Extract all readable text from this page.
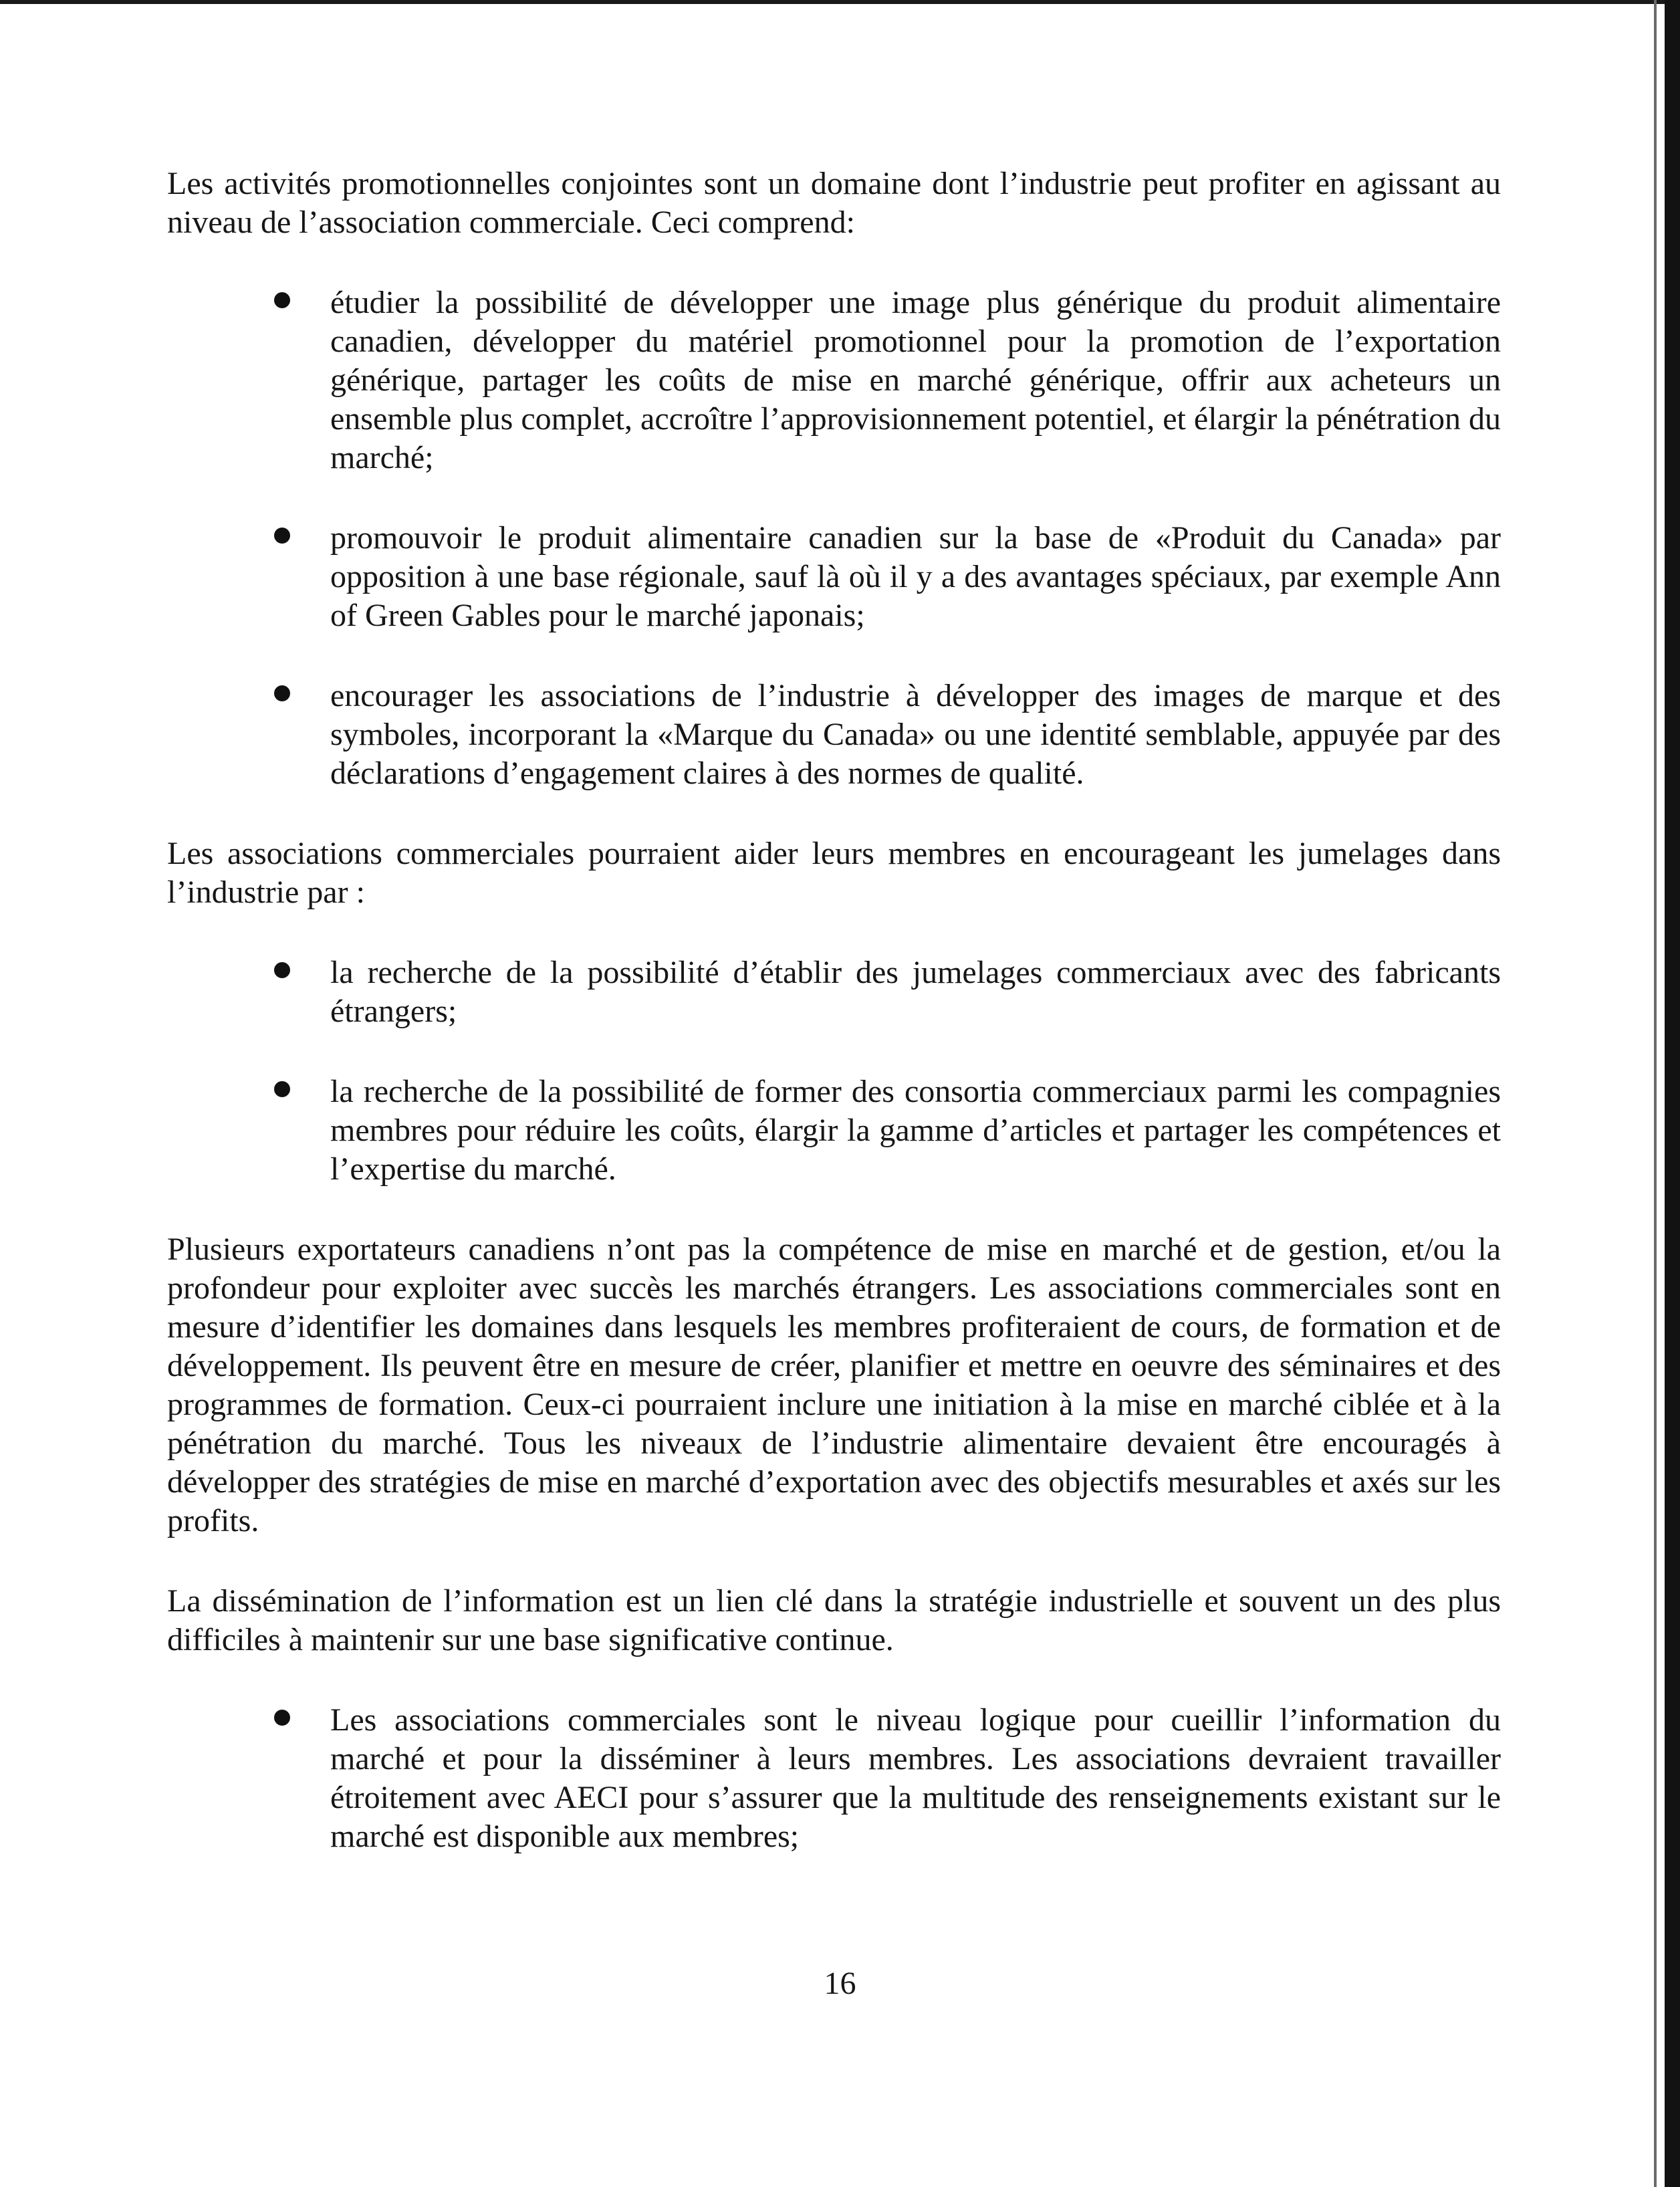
Les activités promotionnelles conjointes sont un domaine dont l’industrie peut profiter en agissant au niveau de l’association commerciale. Ceci comprend:

étudier la possibilité de développer une image plus générique du produit alimentaire canadien, développer du matériel promotionnel pour la promotion de l’exportation générique, partager les coûts de mise en marché générique, offrir aux acheteurs un ensemble plus complet, accroître l’approvisionnement potentiel, et élargir la pénétration du marché;
promouvoir le produit alimentaire canadien sur la base de «Produit du Canada» par opposition à une base régionale, sauf là où il y a des avantages spéciaux, par exemple Ann of Green Gables pour le marché japonais;
encourager les associations de l’industrie à développer des images de marque et des symboles, incorporant la «Marque du Canada» ou une identité semblable, appuyée par des déclarations d’engagement claires à des normes de qualité.

Les associations commerciales pourraient aider leurs membres en encourageant les jumelages dans l’industrie par :

la recherche de la possibilité d’établir des jumelages commerciaux avec des fabricants étrangers;
la recherche de la possibilité de former des consortia commerciaux parmi les compagnies membres pour réduire les coûts, élargir la gamme d’articles et partager les compétences et l’expertise du marché.

Plusieurs exportateurs canadiens n’ont pas la compétence de mise en marché et de gestion, et/ou la profondeur pour exploiter avec succès les marchés étrangers. Les associations commerciales sont en mesure d’identifier les domaines dans lesquels les membres profiteraient de cours, de formation et de développement. Ils peuvent être en mesure de créer, planifier et mettre en oeuvre des séminaires et des programmes de formation. Ceux-ci pourraient inclure une initiation à la mise en marché ciblée et à la pénétration du marché. Tous les niveaux de l’industrie alimentaire devaient être encouragés à développer des stratégies de mise en marché d’exportation avec des objectifs mesurables et axés sur les profits.

La dissémination de l’information est un lien clé dans la stratégie industrielle et souvent un des plus difficiles à maintenir sur une base significative continue.

Les associations commerciales sont le niveau logique pour cueillir l’information du marché et pour la disséminer à leurs membres. Les associations devraient travailler étroitement avec AECI pour s’assurer que la multitude des renseignements existant sur le marché est disponible aux membres;
16
